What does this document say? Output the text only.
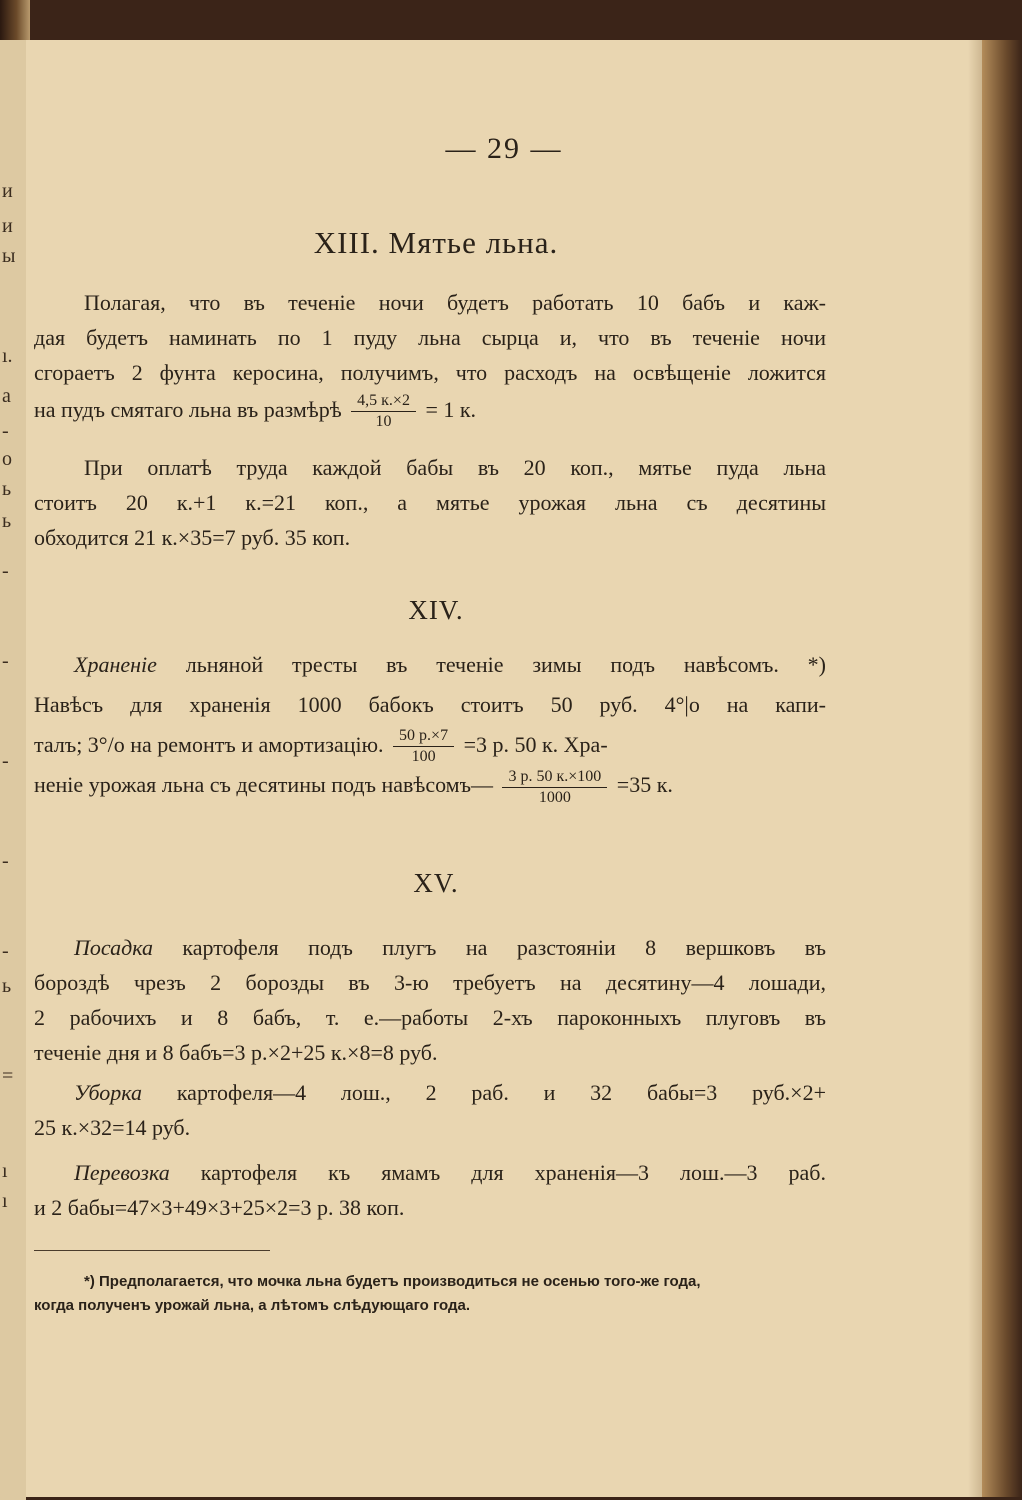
и
и
ы
ı.
а
-
о
ь
ь
-
-
-
-
-
ь
=
ı
ı
— 29 —
XIII. Мятье льна.
Полагая, что въ теченіе ночи будетъ работать 10 бабъ и каж-
дая будетъ наминать по 1 пуду льна сырца и, что въ теченіе ночи
сгораетъ 2 фунта керосина, получимъ, что расходъ на освѣщеніе ложится
на пудъ смятаго льна въ размѣрѣ $\frac{4,5 к.\times 2}{10} = 1$ к.
При оплатѣ труда каждой бабы въ 20 коп., мятье пуда льна
стоитъ 20 к.+1 к.=21 коп., а мятье урожая льна съ десятины
обходится 21 к.×35=7 руб. 35 коп.
XIV.
Храненіе льняной тресты въ теченіе зимы подъ навѣсомъ. *)
Навѣсъ для храненія 1000 бабокъ стоитъ 50 руб. 4°|о на капи-
талъ; 3°/о на ремонтъ и амортизацію. $\frac{50 р.\times 7}{100} =3$ р. 50 к. Хра-
неніе урожая льна съ десятины подъ навѣсомъ— $\frac{3 р. 50 к.\times 100}{1000} =35$ к.
XV.
Посадка картофеля подъ плугъ на разстояніи 8 вершковъ въ
бороздѣ чрезъ 2 борозды въ 3-ю требуетъ на десятину—4 лошади,
2 рабочихъ и 8 бабъ, т. е.—работы 2-хъ пароконныхъ плуговъ въ
теченіе дня и 8 бабъ=3 р.×2+25 к.×8=8 руб.
Уборка картофеля—4 лош., 2 раб. и 32 бабы=3 руб.×2+
25 к.×32=14 руб.
Перевозка картофеля къ ямамъ для храненія—3 лош.—3 раб.
и 2 бабы=47×3+49×3+25×2=3 р. 38 коп.
*) Предполагается, что мочка льна будетъ производиться не осенью того-же года,
когда полученъ урожай льна, а лѣтомъ слѣдующаго года.
